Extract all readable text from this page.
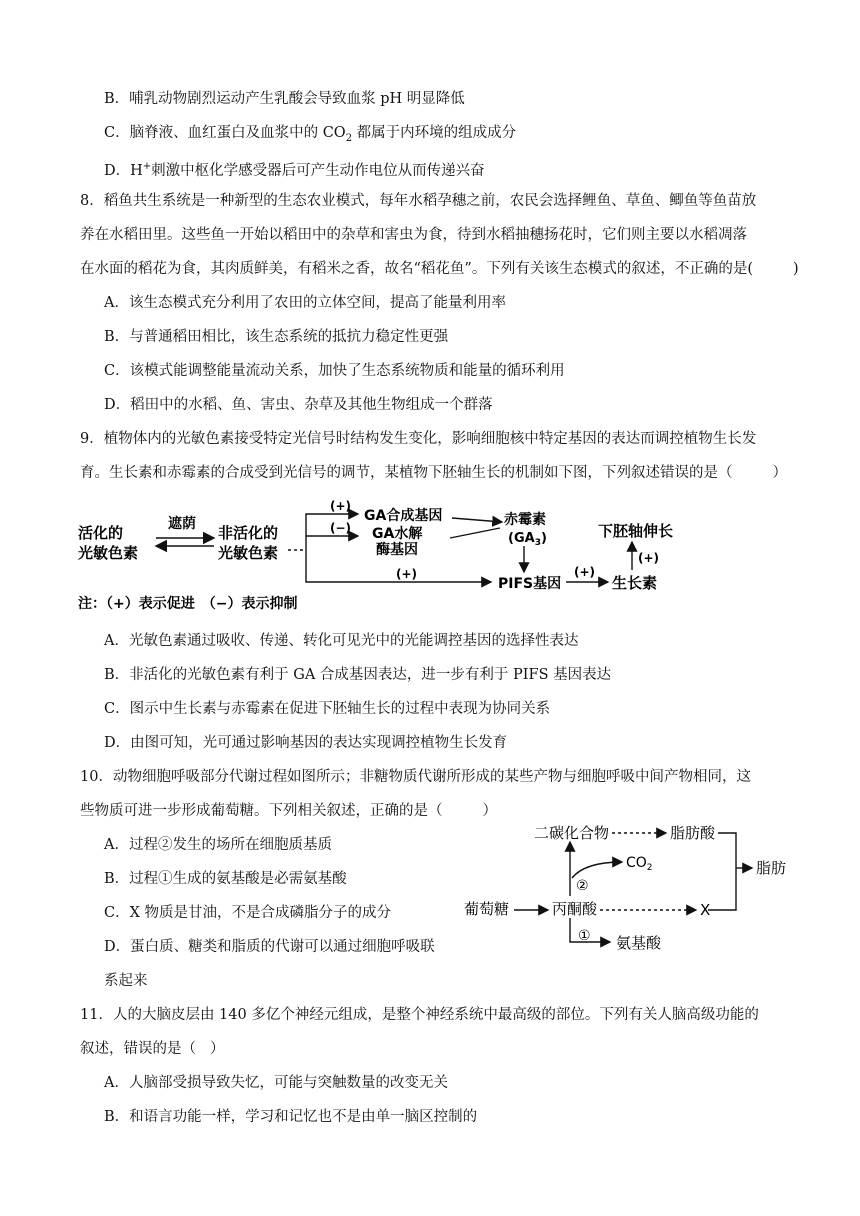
B．哺乳动物剧烈运动产生乳酸会导致血浆 pH 明显降低
C．脑脊液、血红蛋白及血浆中的 $CO_2$ 都属于内环境的组成成分
D．H+刺激中枢化学感受器后可产生动作电位从而传递兴奋
8．稻鱼共生系统是一种新型的生态农业模式，每年水稻孕穗之前，农民会选择鲤鱼、草鱼、鲫鱼等鱼苗放
养在水稻田里。这些鱼一开始以稻田中的杂草和害虫为食，待到水稻抽穗扬花时，它们则主要以水稻凋落
在水面的稻花为食，其肉质鲜美，有稻米之香，故名“稻花鱼”。下列有关该生态模式的叙述，不正确的是(	)
A．该生态模式充分利用了农田的立体空间，提高了能量利用率
B．与普通稻田相比，该生态系统的抵抗力稳定性更强
C．该模式能调整能量流动关系，加快了生态系统物质和能量的循环利用
D．稻田中的水稻、鱼、害虫、杂草及其他生物组成一个群落
9．植物体内的光敏色素接受特定光信号时结构发生变化，影响细胞核中特定基因的表达而调控植物生长发
育。生长素和赤霉素的合成受到光信号的调节，某植物下胚轴生长的机制如下图，下列叙述错误的是（	）
活化的
光敏色素
遮荫 非活化的
光敏色素
(+)
(−)
(+)
GA合成基因
GA水解
酶基因
赤霉素
$(GA_3)$
PIFS基因
(+)
生长素
(+)
下胚轴伸长
注：（+）表示促进　（−）表示抑制
A．光敏色素通过吸收、传递、转化可见光中的光能调控基因的选择性表达
B．非活化的光敏色素有利于 GA 合成基因表达，进一步有利于 PIFS 基因表达
C．图示中生长素与赤霉素在促进下胚轴生长的过程中表现为协同关系
D．由图可知，光可通过影响基因的表达实现调控植物生长发育
10．动物细胞呼吸部分代谢过程如图所示；非糖物质代谢所形成的某些产物与细胞呼吸中间产物相同，这
些物质可进一步形成葡萄糖。下列相关叙述，正确的是（	）
A．过程②发生的场所在细胞质基质
B．过程①生成的氨基酸是必需氨基酸
C．X 物质是甘油，不是合成磷脂分子的成分
D．蛋白质、糖类和脂质的代谢可以通过细胞呼吸联
系起来
二碳化合物	脂肪酸
脂肪
$CO_2$
②
葡萄糖	丙酮酸	X
① 氨基酸
11．人的大脑皮层由 140 多亿个神经元组成，是整个神经系统中最高级的部位。下列有关人脑高级功能的
叙述，错误的是（ ）
A．人脑部受损导致失忆，可能与突触数量的改变无关
B．和语言功能一样，学习和记忆也不是由单一脑区控制的
